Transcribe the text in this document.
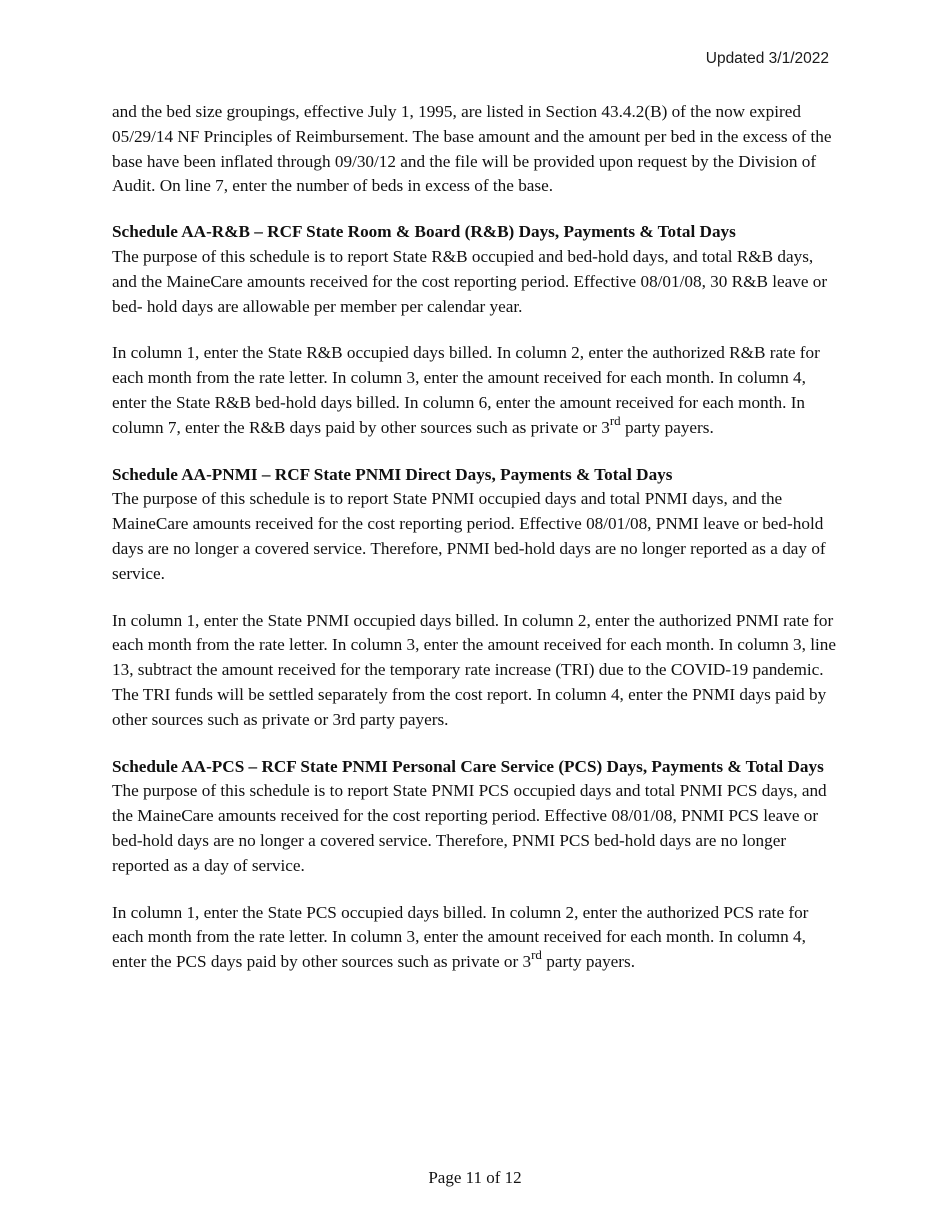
Updated 3/1/2022

and the bed size groupings, effective July 1, 1995, are listed in Section 43.4.2(B) of the now expired 05/29/14 NF Principles of Reimbursement. The base amount and the amount per bed in the excess of the base have been inflated through 09/30/12 and the file will be provided upon request by the Division of Audit. On line 7, enter the number of beds in excess of the base.

Schedule AA-R&B – RCF State Room & Board (R&B) Days, Payments & Total Days

The purpose of this schedule is to report State R&B occupied and bed-hold days, and total R&B days, and the MaineCare amounts received for the cost reporting period. Effective 08/01/08, 30 R&B leave or bed- hold days are allowable per member per calendar year.

In column 1, enter the State R&B occupied days billed. In column 2, enter the authorized R&B rate for each month from the rate letter. In column 3, enter the amount received for each month. In column 4, enter the State R&B bed-hold days billed. In column 6, enter the amount received for each month. In column 7, enter the R&B days paid by other sources such as private or 3rd party payers.

Schedule AA-PNMI – RCF State PNMI Direct Days, Payments & Total Days

The purpose of this schedule is to report State PNMI occupied days and total PNMI days, and the MaineCare amounts received for the cost reporting period. Effective 08/01/08, PNMI leave or bed-hold days are no longer a covered service. Therefore, PNMI bed-hold days are no longer reported as a day of service.

In column 1, enter the State PNMI occupied days billed. In column 2, enter the authorized PNMI rate for each month from the rate letter. In column 3, enter the amount received for each month. In column 3, line 13, subtract the amount received for the temporary rate increase (TRI) due to the COVID-19 pandemic. The TRI funds will be settled separately from the cost report. In column 4, enter the PNMI days paid by other sources such as private or 3rd party payers.

Schedule AA-PCS – RCF State PNMI Personal Care Service (PCS) Days, Payments & Total Days

The purpose of this schedule is to report State PNMI PCS occupied days and total PNMI PCS days, and the MaineCare amounts received for the cost reporting period. Effective 08/01/08, PNMI PCS leave or bed-hold days are no longer a covered service. Therefore, PNMI PCS bed-hold days are no longer reported as a day of service.

In column 1, enter the State PCS occupied days billed. In column 2, enter the authorized PCS rate for each month from the rate letter. In column 3, enter the amount received for each month. In column 4, enter the PCS days paid by other sources such as private or 3rd party payers.

Page 11 of 12
